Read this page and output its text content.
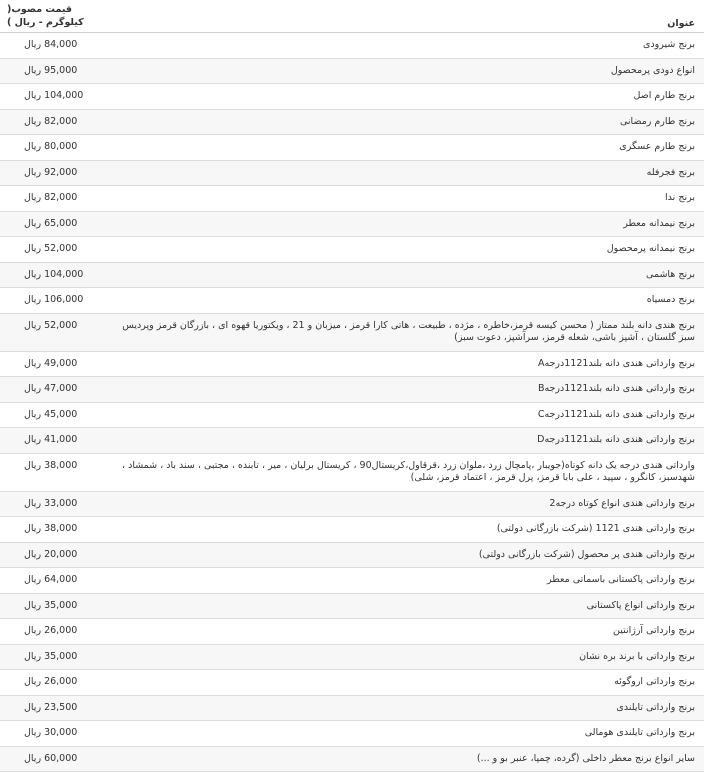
عنوان	قیمت مصوب(
کیلوگرم - ریال )
برنج شیرودی	84,000 ریال
انواع دودی پرمحصول	95,000 ریال
برنج طارم اصل	104,000 ریال
برنج طارم رمضانی	82,000 ریال
برنج طارم عسگری	80,000 ریال
برنج فجرفله	92,000 ریال
برنج ندا	82,000 ریال
برنج نیمدانه معطر	65,000 ریال
برنج نیمدانه پرمحصول	52,000 ریال
برنج هاشمی	104,000 ریال
برنج دمسیاه	106,000 ریال
برنج هندی دانه بلند ممتاز ( محسن کیسه قرمز،خاطره ، مژده ، طبیعت ، هاتی کارا قرمز ، میزبان و 21 ، ویکتوریا قهوه ای ، بازرگان قرمز وپردیس سبز گلستان ، آشپز باشی، شعله قرمز، سرآشپز، دعوت سبز)	52,000 ریال
برنج وارداتی هندی دانه بلند1121درجهA	49,000 ریال
برنج وارداتی هندی دانه بلند1121درجهB	47,000 ریال
برنج وارداتی هندی دانه بلند1121درجهC	45,000 ریال
برنج وارداتی هندی دانه بلند1121درجهD	41,000 ریال
وارداتی هندی درجه یک دانه کوتاه(جویبار ،پامچال زرد ،ملوان زرد ،قرقاول،کریستال90 ، کریستال برلیان ، میر ، تابنده ، مجتبی ، سند باد ، شمشاد ، شهدسبز، کانگرو ، سپید ، علی بابا قرمز، پرل قرمز ، اعتماد قرمز، شلی)	38,000 ریال
برنج وارداتی هندی انواع کوتاه درجه2	33,000 ریال
برنج وارداتی هندی 1121 (شرکت بازرگانی دولتی)	38,000 ریال
برنج وارداتی هندی پر محصول (شرکت بازرگانی دولتی)	20,000 ریال
برنج وارداتی پاکستانی باسماتی معطر	64,000 ریال
برنج وارداتی انواع پاکستانی	35,000 ریال
برنج وارداتی آرژانتین	26,000 ریال
برنج وارداتی با برند بره نشان	35,000 ریال
برنج وارداتی اروگوئه	26,000 ریال
برنج وارداتی تایلندی	23,500 ریال
برنج وارداتی تایلندی هومالی	30,000 ریال
سایر انواع برنج معطر داخلی (گرده، چمپا، عنبر بو و ...)	60,000 ریال
